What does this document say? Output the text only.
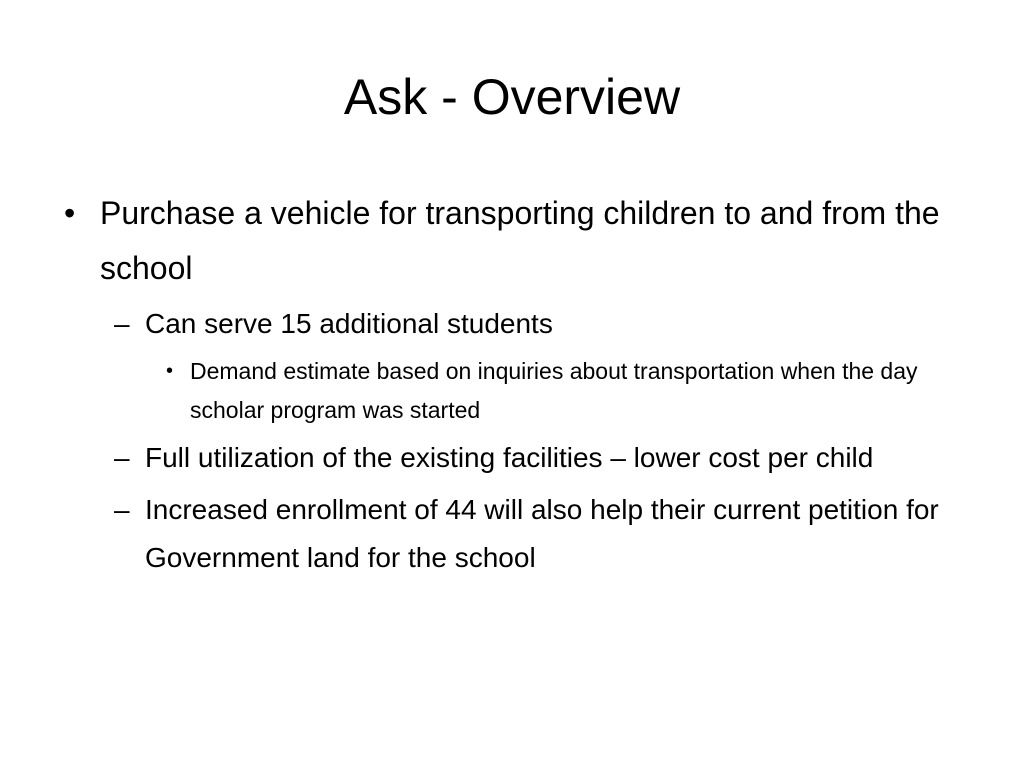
Ask - Overview
• Purchase a vehicle for transporting children to and from the school
– Can serve 15 additional students
• Demand estimate based on inquiries about transportation when the day scholar program was started
– Full utilization of the existing facilities – lower cost per child
– Increased enrollment of 44 will also help their current petition for Government land for the school
